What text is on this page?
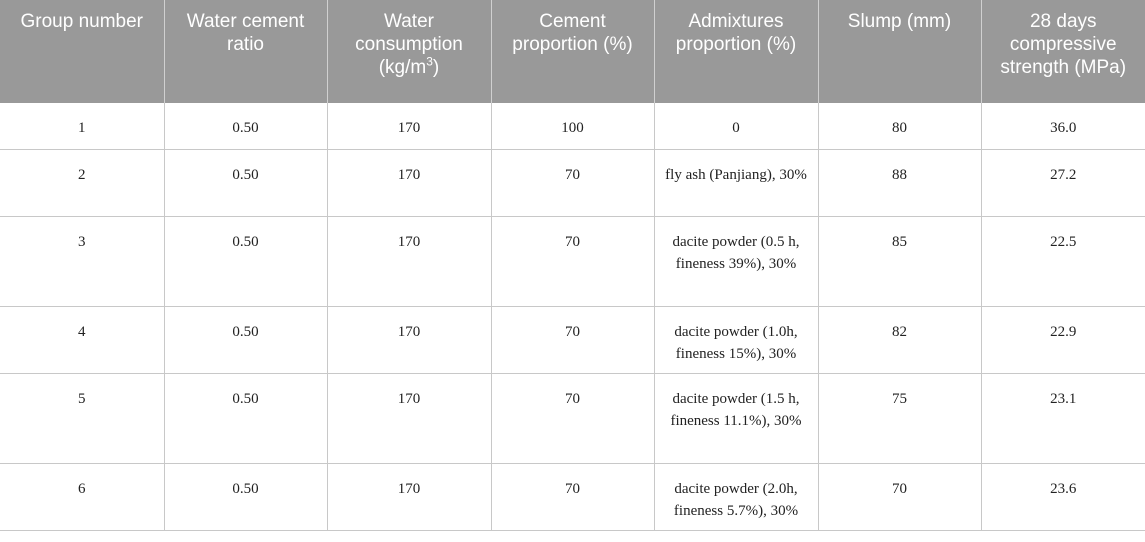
Group number	Water cement ratio	Water consumption $(kg/m^3)$	Cement proportion (%)	Admixtures proportion (%)	Slump (mm)	28 days compressive strength (MPa)
1	0.50	170	100	0	80	36.0
2	0.50	170	70	fly ash (Panjiang), 30%	88	27.2
3	0.50	170	70	dacite powder (0.5 h, fineness 39%), 30%	85	22.5
4	0.50	170	70	dacite powder (1.0h, fineness 15%), 30%	82	22.9
5	0.50	170	70	dacite powder (1.5 h, fineness 11.1%), 30%	75	23.1
6	0.50	170	70	dacite powder (2.0h, fineness 5.7%), 30%	70	23.6
